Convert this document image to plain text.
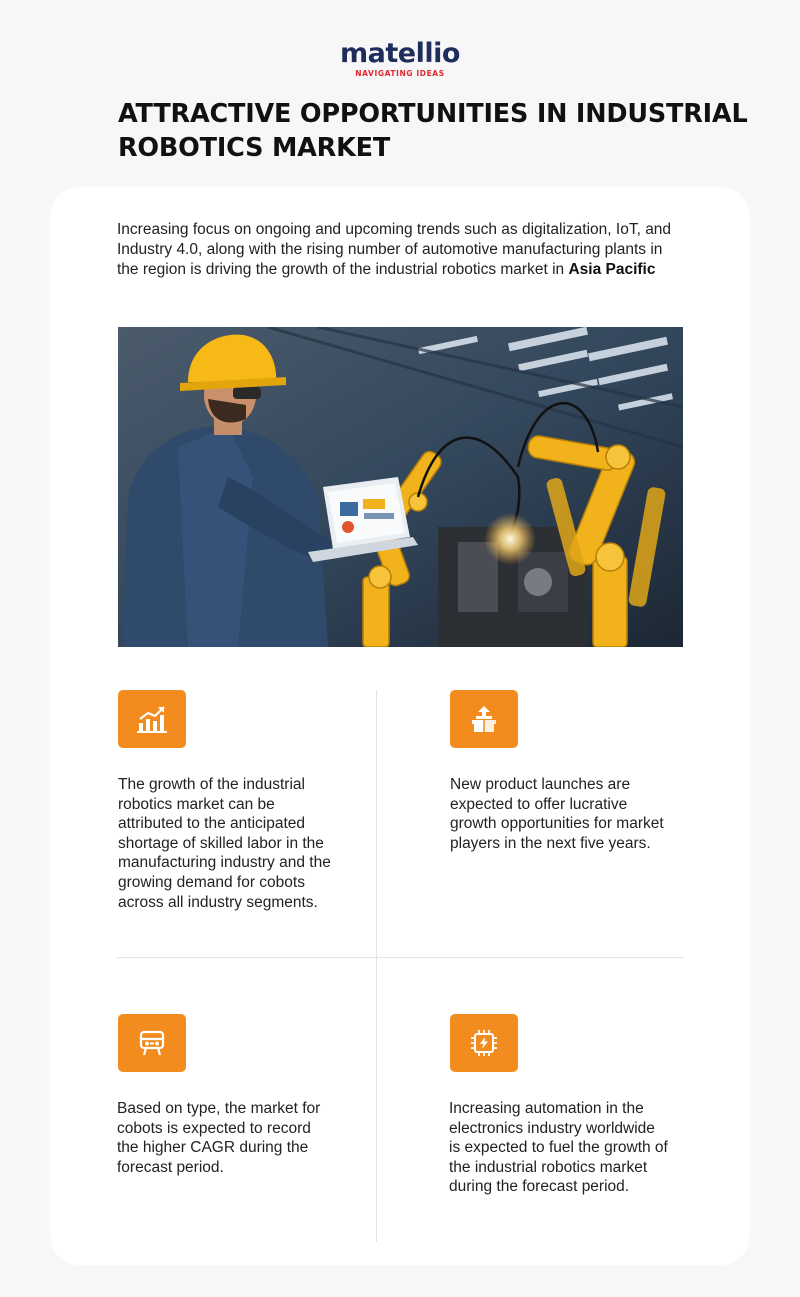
matellio
NAVIGATING IDEAS
ATTRACTIVE OPPORTUNITIES IN INDUSTRIAL ROBOTICS MARKET

Increasing focus on ongoing and upcoming trends such as digitalization, IoT, and Industry 4.0, along with the rising number of automotive manufacturing plants in the region is driving the growth of the industrial robotics market in Asia Pacific

The growth of the industrial robotics market can be attributed to the anticipated shortage of skilled labor in the manufacturing industry and the growing demand for cobots across all industry segments.

New product launches are expected to offer lucrative growth opportunities for market players in the next five years.

Based on type, the market for cobots is expected to record the higher CAGR during the forecast period.

Increasing automation in the electronics industry worldwide is expected to fuel the growth of the industrial robotics market during the forecast period.
